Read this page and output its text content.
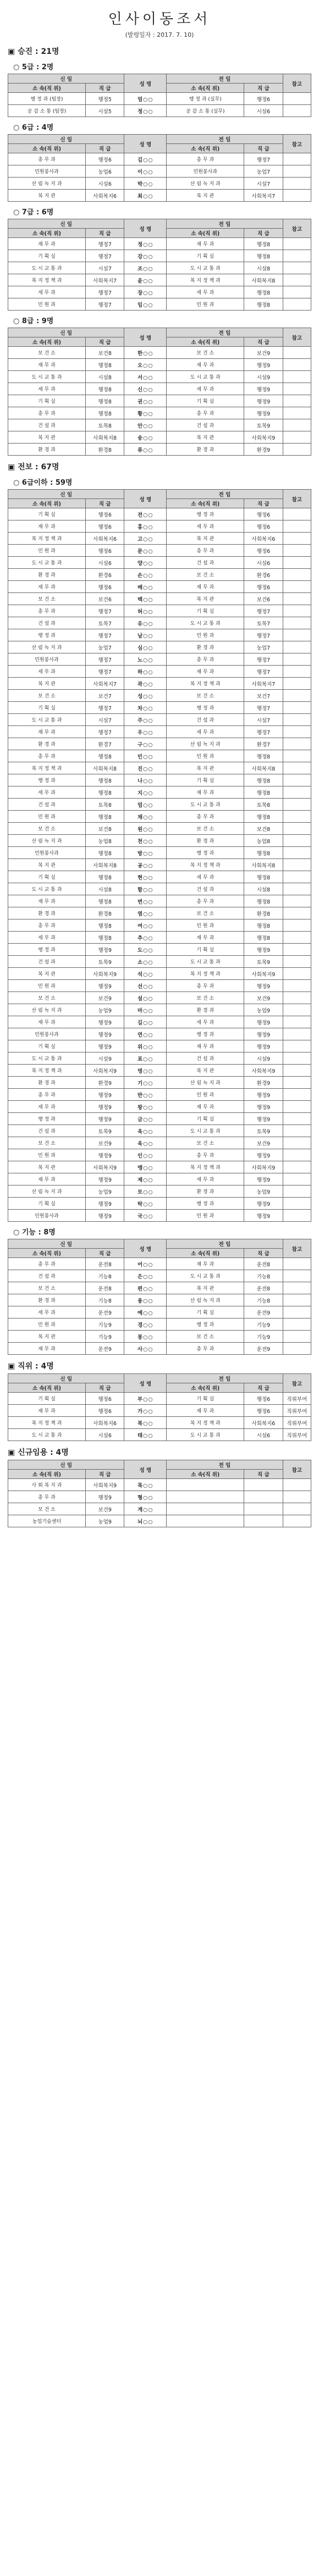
인사이동조서
(발령일자 : 2017. 7. 10)
▣ 승진 : 21명
○ 5급 : 2명
신 임		성 명	전 임		참고
소 속(직 위)	직 급		소 속(직 위)	직 급	
행 정 과 (팀장)	행정5	엄○○	행 정 과 (실무)	행정6	
공 감 소 통 (팀장)	시설5	정○○	공 감 소 통 (실무)	시설6	
○ 6급 : 4명
신 임		성 명	전 임		참고
소 속(직 위)	직 급		소 속(직 위)	직 급	
총 무 과	행정6	김○○	총 무 과	행정7	
민원봉사과	농업6	이○○	민원봉사과	농업7	
산 림 녹 지 과	시설6	박○○	산 림 녹 지 과	시설7	
복 지 관	사회복지6	최○○	복 지 관	사회복지7	
○ 7급 : 6명
신 임		성 명	전 임		참고
소 속(직 위)	직 급		소 속(직 위)	직 급	
재 무 과	행정7	정○○	재 무 과	행정8	
기 획 실	행정7	강○○	기 획 실	행정8	
도 시 교 통 과	시설7	조○○	도 시 교 통 과	시설8	
복 지 정 책 과	사회복지7	윤○○	복 지 정 책 과	사회복지8	
세 무 과	행정7	장○○	세 무 과	행정8	
민 원 과	행정7	임○○	민 원 과	행정8	
○ 8급 : 9명
신 임		성 명	전 임		참고
소 속(직 위)	직 급		소 속(직 위)	직 급	
보 건 소	보건8	한○○	보 건 소	보건9	
재 무 과	행정8	오○○	재 무 과	행정9	
도 시 교 통 과	시설8	서○○	도 시 교 통 과	시설9	
세 무 과	행정8	신○○	세 무 과	행정9	
기 획 실	행정8	권○○	기 획 실	행정9	
총 무 과	행정8	황○○	총 무 과	행정9	
건 설 과	토목8	안○○	건 설 과	토목9	
복 지 관	사회복지8	송○○	복 지 관	사회복지9	
환 경 과	환경8	류○○	환 경 과	환경9	
▣ 전보 : 67명
○ 6급이하 : 59명
신 임		성 명	전 임		참고
소 속(직 위)	직 급		소 속(직 위)	직 급	
기 획 실	행정6	전○○	행 정 과	행정6	
재 무 과	행정6	홍○○	세 무 과	행정6	
복 지 정 책 과	사회복지6	고○○	복 지 관	사회복지6	
민 원 과	행정6	문○○	총 무 과	행정6	
도 시 교 통 과	시설6	양○○	건 설 과	시설6	
환 경 과	환경6	손○○	보 건 소	환경6	
세 무 과	행정6	배○○	재 무 과	행정6	
보 건 소	보건6	백○○	복 지 관	보건6	
총 무 과	행정7	허○○	기 획 실	행정7	
건 설 과	토목7	유○○	도 시 교 통 과	토목7	
행 정 과	행정7	남○○	민 원 과	행정7	
산 림 녹 지 과	농업7	심○○	환 경 과	농업7	
민원봉사과	행정7	노○○	총 무 과	행정7	
세 무 과	행정7	하○○	재 무 과	행정7	
복 지 관	사회복지7	곽○○	복 지 정 책 과	사회복지7	
보 건 소	보건7	성○○	보 건 소	보건7	
기 획 실	행정7	차○○	행 정 과	행정7	
도 시 교 통 과	시설7	주○○	건 설 과	시설7	
재 무 과	행정7	우○○	세 무 과	행정7	
환 경 과	환경7	구○○	산 림 녹 지 과	환경7	
총 무 과	행정8	민○○	민 원 과	행정8	
복 지 정 책 과	사회복지8	진○○	복 지 관	사회복지8	
행 정 과	행정8	나○○	기 획 실	행정8	
세 무 과	행정8	지○○	재 무 과	행정8	
건 설 과	토목8	엄○○	도 시 교 통 과	토목8	
민 원 과	행정8	채○○	총 무 과	행정8	
보 건 소	보건8	원○○	보 건 소	보건8	
산 림 녹 지 과	농업8	천○○	환 경 과	농업8	
민원봉사과	행정8	방○○	행 정 과	행정8	
복 지 관	사회복지8	공○○	복 지 정 책 과	사회복지8	
기 획 실	행정8	현○○	세 무 과	행정8	
도 시 교 통 과	시설8	함○○	건 설 과	시설8	
재 무 과	행정8	변○○	총 무 과	행정8	
환 경 과	환경8	염○○	보 건 소	환경8	
총 무 과	행정8	여○○	민 원 과	행정8	
세 무 과	행정8	추○○	재 무 과	행정8	
행 정 과	행정9	도○○	기 획 실	행정9	
건 설 과	토목9	소○○	도 시 교 통 과	토목9	
복 지 관	사회복지9	석○○	복 지 정 책 과	사회복지9	
민 원 과	행정9	선○○	총 무 과	행정9	
보 건 소	보건9	설○○	보 건 소	보건9	
산 림 녹 지 과	농업9	마○○	환 경 과	농업9	
재 무 과	행정9	길○○	세 무 과	행정9	
민원봉사과	행정9	연○○	행 정 과	행정9	
기 획 실	행정9	위○○	재 무 과	행정9	
도 시 교 통 과	시설9	표○○	건 설 과	시설9	
복 지 정 책 과	사회복지9	명○○	복 지 관	사회복지9	
환 경 과	환경9	기○○	산 림 녹 지 과	환경9	
총 무 과	행정9	반○○	민 원 과	행정9	
세 무 과	행정9	왕○○	재 무 과	행정9	
행 정 과	행정9	금○○	기 획 실	행정9	
건 설 과	토목9	옥○○	도 시 교 통 과	토목9	
보 건 소	보건9	육○○	보 건 소	보건9	
민 원 과	행정9	인○○	총 무 과	행정9	
복 지 관	사회복지9	맹○○	복 지 정 책 과	사회복지9	
재 무 과	행정9	제○○	세 무 과	행정9	
산 림 녹 지 과	농업9	모○○	환 경 과	농업9	
기 획 실	행정9	탁○○	행 정 과	행정9	
민원봉사과	행정9	국○○	민 원 과	행정9	
○ 기능 : 8명
신 임		성 명	전 임		참고
소 속(직 위)	직 급		소 속(직 위)	직 급	
총 무 과	운전8	어○○	재 무 과	운전8	
건 설 과	기능8	은○○	도 시 교 통 과	기능8	
보 건 소	운전8	편○○	복 지 관	운전8	
환 경 과	기능8	용○○	산 림 녹 지 과	기능8	
세 무 과	운전9	예○○	기 획 실	운전9	
민 원 과	기능9	경○○	행 정 과	기능9	
복 지 관	기능9	봉○○	보 건 소	기능9	
재 무 과	운전9	사○○	총 무 과	운전9	
▣ 직위 : 4명
신 임		성 명	전 임		참고
소 속(직 위)	직 급		소 속(직 위)	직 급	
기 획 실	행정6	부○○	기 획 실	행정6	직위부여
재 무 과	행정6	가○○	재 무 과	행정6	직위부여
복 지 정 책 과	사회복지6	복○○	복 지 정 책 과	사회복지6	직위부여
도 시 교 통 과	시설6	태○○	도 시 교 통 과	시설6	직위부여
▣ 신규임용 : 4명
신 임		성 명	전 임		참고
소 속(직 위)	직 급		소 속(직 위)	직 급	
사 회 복 지 과	사회복지9	목○○			
총 무 과	행정9	형○○			
보 건 소	보건9	계○○			
농업기술센터	농업9	뇌○○			
